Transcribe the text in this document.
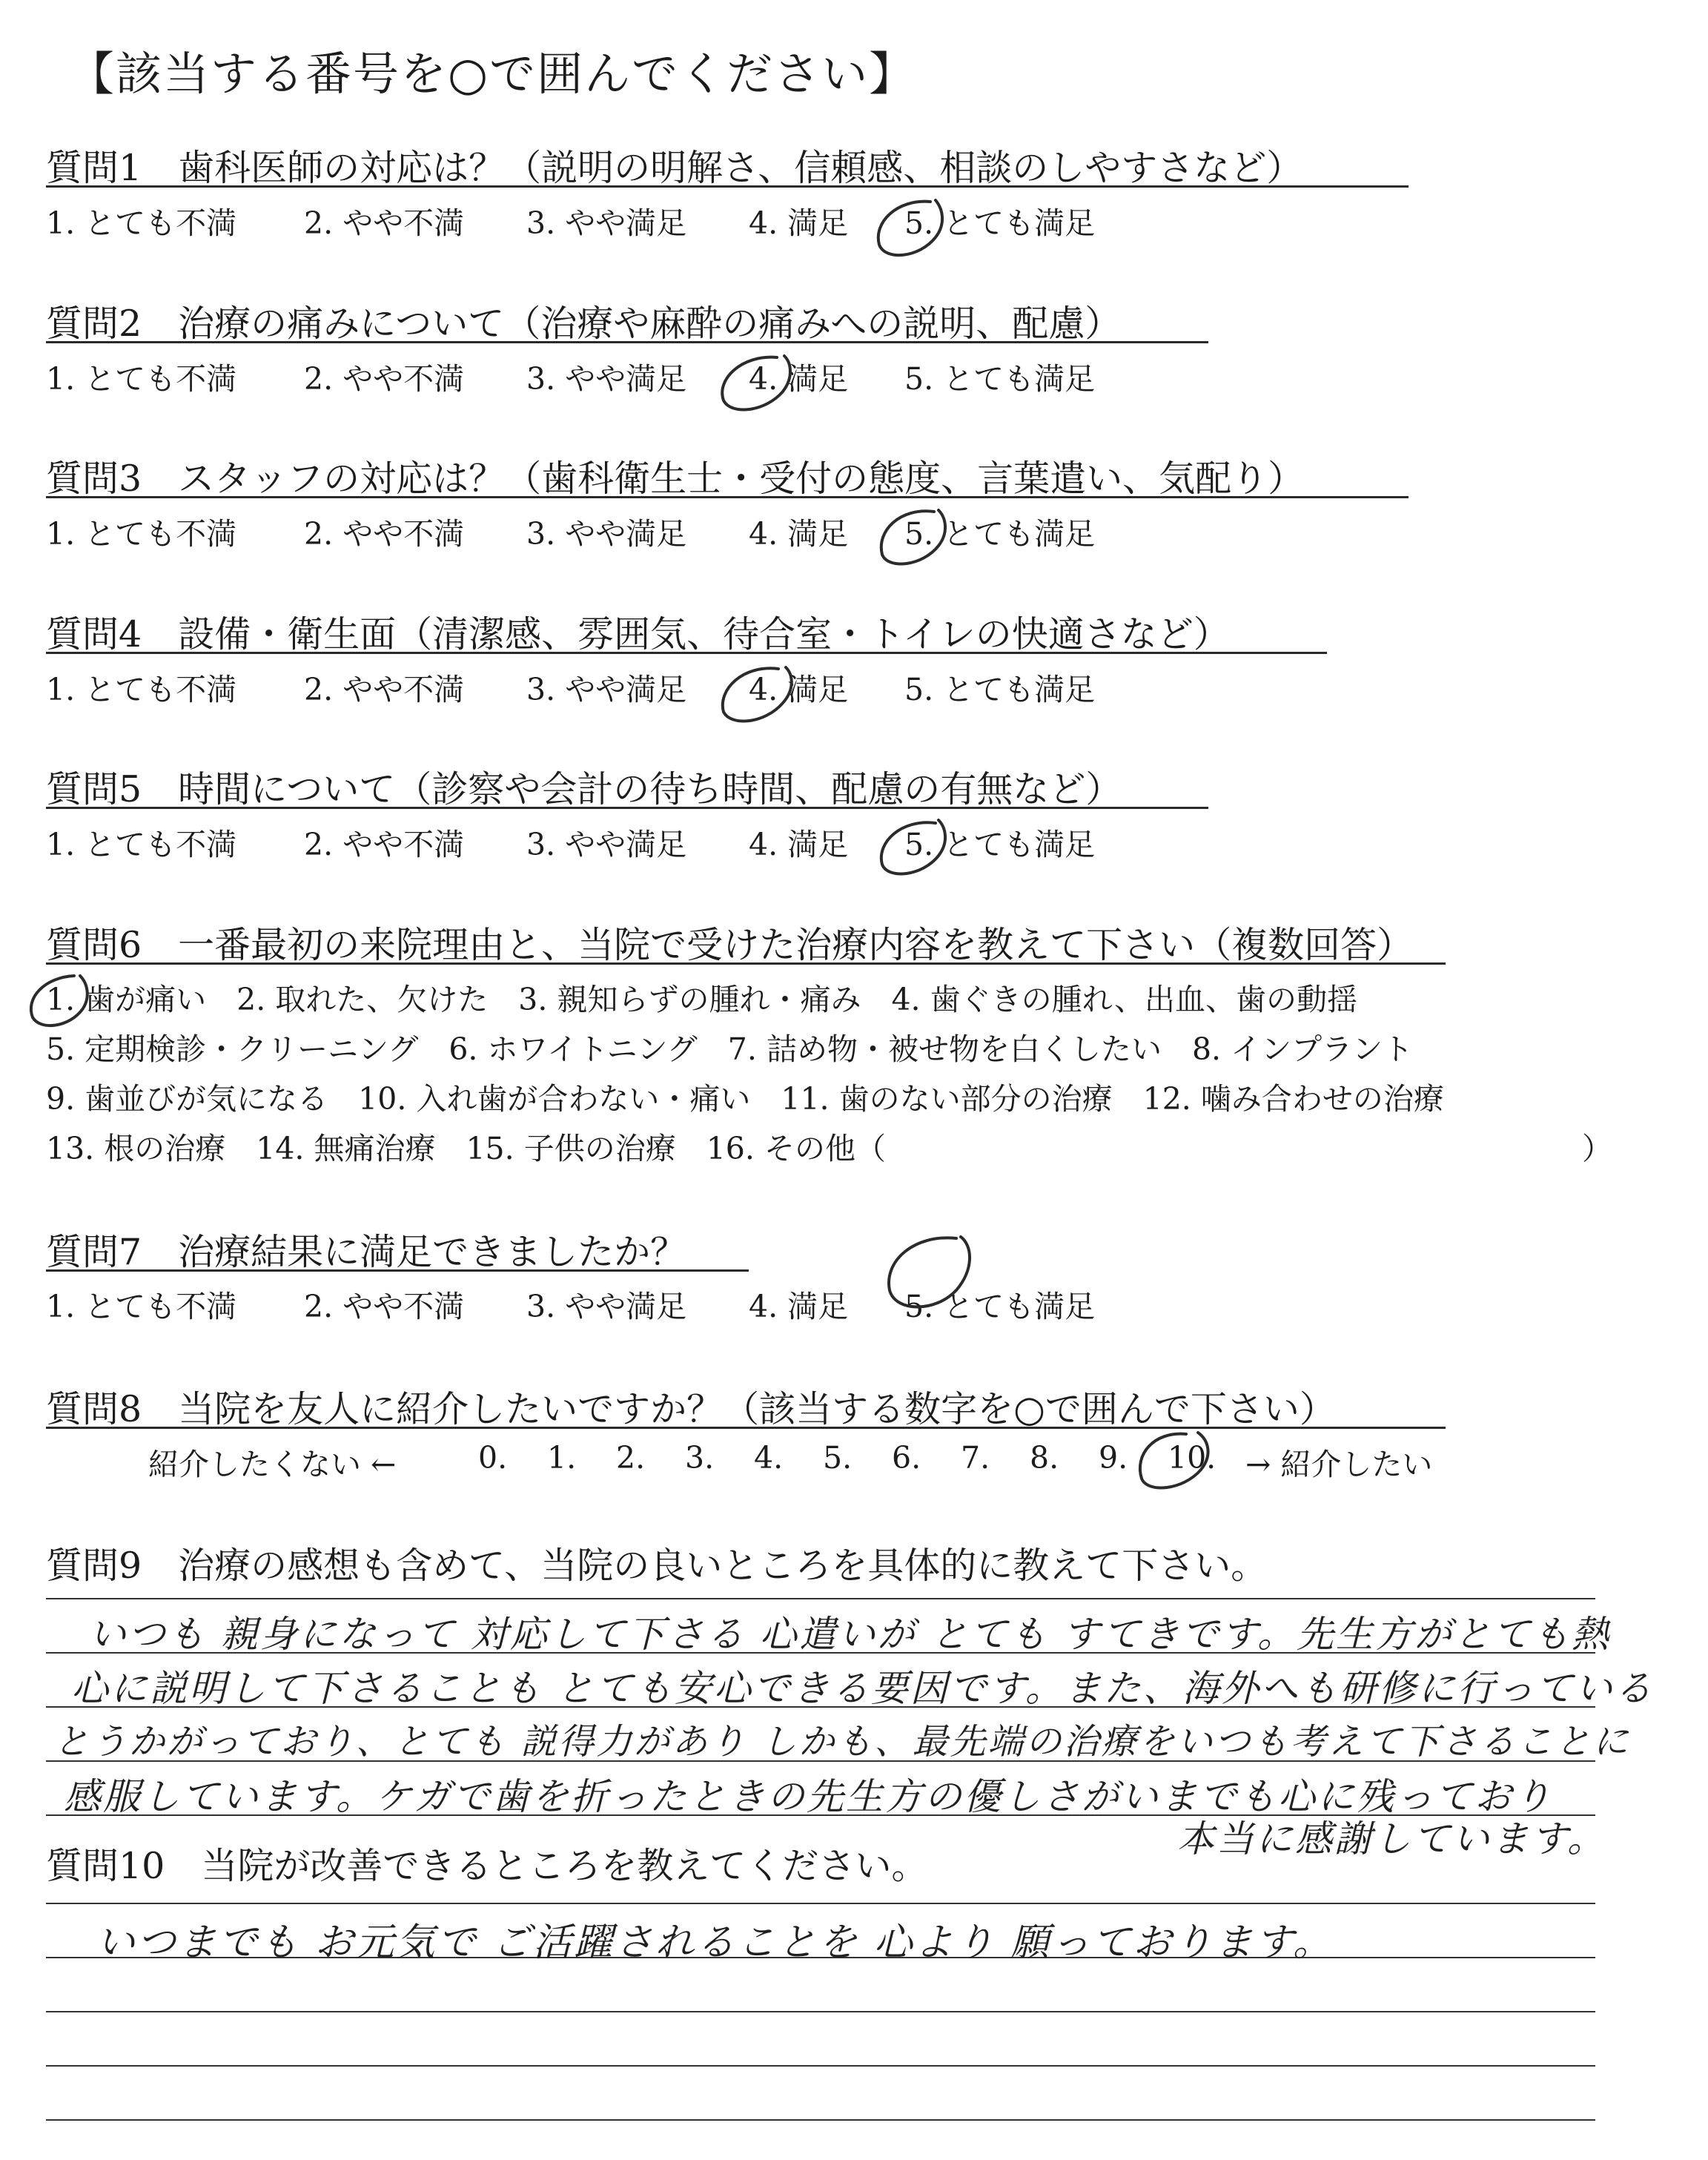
【該当する番号を○で囲んでください】
質問1　歯科医師の対応は？（説明の明解さ、信頼感、相談のしやすさなど）
1. とても不満 2. やや不満 3. やや満足 4. 満足 5. とても満足
質問2　治療の痛みについて（治療や麻酔の痛みへの説明、配慮）
1. とても不満 2. やや不満 3. やや満足 4. 満足 5. とても満足
質問3　スタッフの対応は？（歯科衛生士・受付の態度、言葉遣い、気配り）
1. とても不満 2. やや不満 3. やや満足 4. 満足 5. とても満足
質問4　設備・衛生面（清潔感、雰囲気、待合室・トイレの快適さなど）
1. とても不満 2. やや不満 3. やや満足 4. 満足 5. とても満足
質問5　時間について（診察や会計の待ち時間、配慮の有無など）
1. とても不満 2. やや不満 3. やや満足 4. 満足 5. とても満足
質問6　一番最初の来院理由と、当院で受けた治療内容を教えて下さい（複数回答）
1. 歯が痛い　2. 取れた、欠けた　3. 親知らずの腫れ・痛み　4. 歯ぐきの腫れ、出血、歯の動揺
5. 定期検診・クリーニング　6. ホワイトニング　7. 詰め物・被せ物を白くしたい　8. インプラント
9. 歯並びが気になる　10. 入れ歯が合わない・痛い　11. 歯のない部分の治療　12. 噛み合わせの治療
13. 根の治療　14. 無痛治療　15. 子供の治療　16. その他（	）
質問7　治療結果に満足できましたか？
1. とても不満 2. やや不満 3. やや満足 4. 満足 5. とても満足
質問8　当院を友人に紹介したいですか？（該当する数字を○で囲んで下さい）
紹介したくない ←	0. 1. 2. 3. 4. 5. 6. 7. 8. 9. 10. → 紹介したい
質問9　治療の感想も含めて、当院の良いところを具体的に教えて下さい。
いつも 親身になって 対応して下さる 心遣いが とても すてきです。先生方がとても熱
心に説明して下さることも とても安心できる要因です。また、海外へも研修に行っている
とうかがっており、とても 説得力があり しかも、最先端の治療をいつも考えて下さることに
感服しています。ケガで歯を折ったときの先生方の優しさがいまでも心に残っており
本当に感謝しています。
質問10　当院が改善できるところを教えてください。
いつまでも お元気で ご活躍されることを 心より 願っております。
